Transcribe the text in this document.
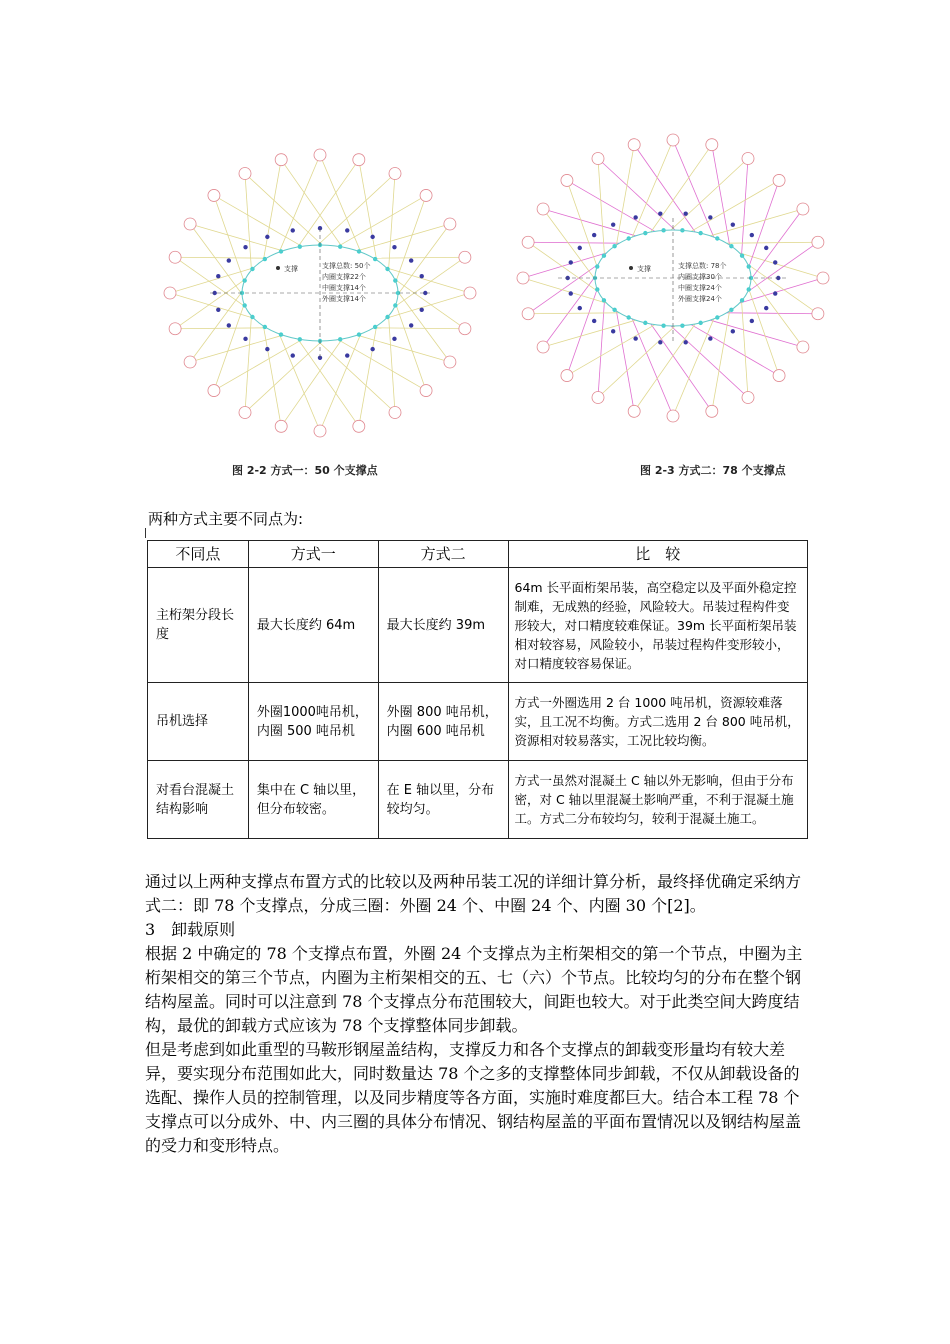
支撑	支撑总数: 50个
内圈支撑22个
中圈支撑14个
外圈支撑14个
图 2-2 方式一：50 个支撑点
支撑	支撑总数: 78个
内圈支撑30个
中圈支撑24个
外圈支撑24个
图 2-3 方式二：78 个支撑点
两种方式主要不同点为:
不同点	方式一	方式二	比　较
主桁架分段长度	最大长度约 64m	最大长度约 39m	64m 长平面桁架吊装，高空稳定以及平面外稳定控制难，无成熟的经验，风险较大。吊装过程构件变形较大，对口精度较难保证。39m 长平面桁架吊装相对较容易，风险较小，吊装过程构件变形较小，对口精度较容易保证。
吊机选择	外圈1000吨吊机，内圈 500 吨吊机	外圈 800 吨吊机，内圈 600 吨吊机	方式一外圈选用 2 台 1000 吨吊机，资源较难落实，且工况不均衡。方式二选用 2 台 800 吨吊机，资源相对较易落实，工况比较均衡。
对看台混凝土结构影响	集中在 C 轴以里，但分布较密。	在 E 轴以里，分布较均匀。	方式一虽然对混凝土 C 轴以外无影响，但由于分布密，对 C 轴以里混凝土影响严重，不利于混凝土施工。方式二分布较均匀，较利于混凝土施工。

通过以上两种支撑点布置方式的比较以及两种吊装工况的详细计算分析，最终择优确定采纳方式二：即 78 个支撑点，分成三圈：外圈 24 个、中圈 24 个、内圈 30 个[2]。

3　卸载原则

根据 2 中确定的 78 个支撑点布置，外圈 24 个支撑点为主桁架相交的第一个节点，中圈为主桁架相交的第三个节点，内圈为主桁架相交的五、七（六）个节点。比较均匀的分布在整个钢结构屋盖。同时可以注意到 78 个支撑点分布范围较大，间距也较大。对于此类空间大跨度结构，最优的卸载方式应该为 78 个支撑整体同步卸载。

但是考虑到如此重型的马鞍形钢屋盖结构，支撑反力和各个支撑点的卸载变形量均有较大差异，要实现分布范围如此大，同时数量达 78 个之多的支撑整体同步卸载，不仅从卸载设备的选配、操作人员的控制管理，以及同步精度等各方面，实施时难度都巨大。结合本工程 78 个支撑点可以分成外、中、内三圈的具体分布情况、钢结构屋盖的平面布置情况以及钢结构屋盖的受力和变形特点。
